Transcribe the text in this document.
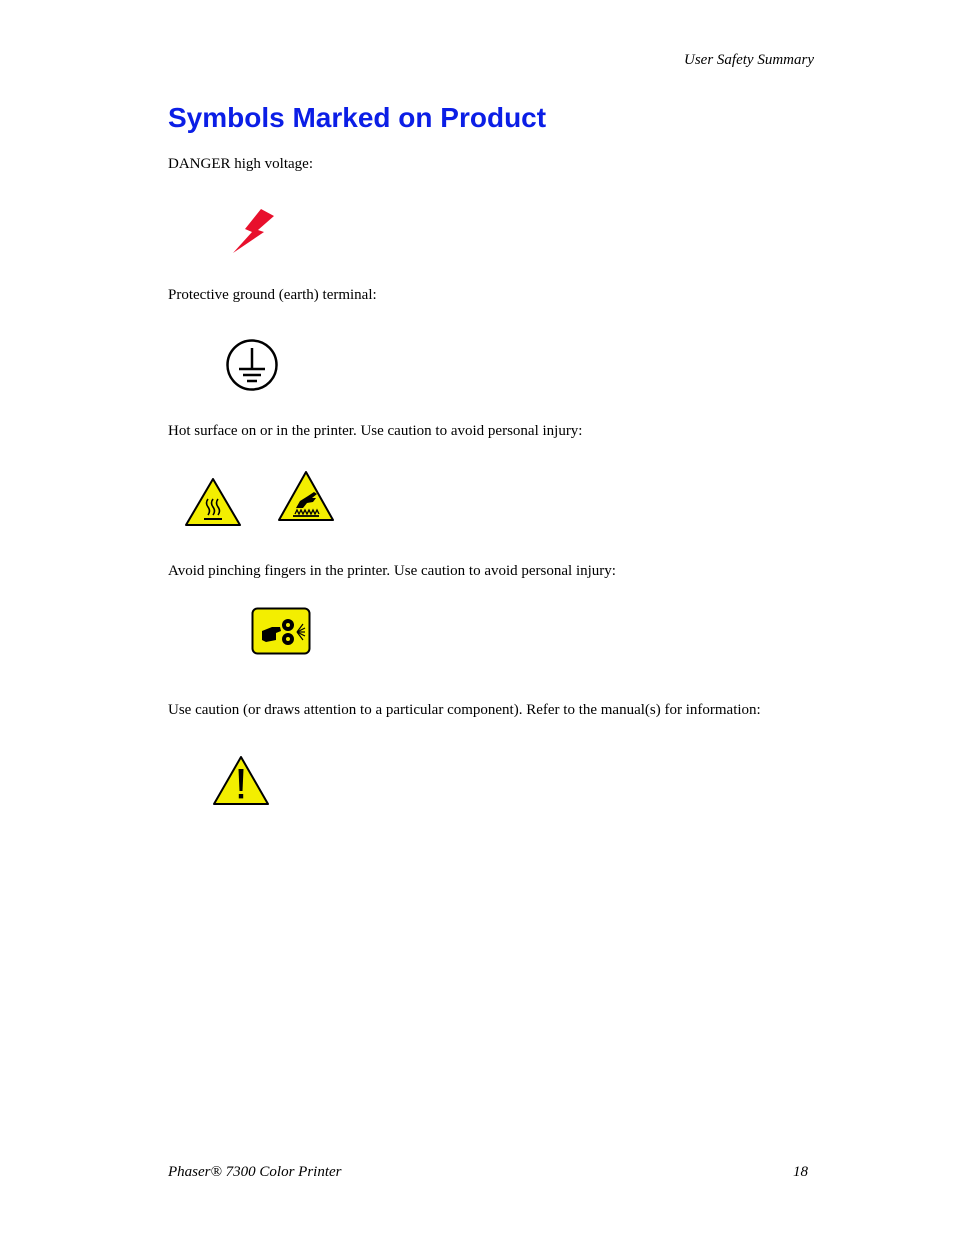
User Safety Summary
Symbols Marked on Product

DANGER high voltage:

Protective ground (earth) terminal:

Hot surface on or in the printer. Use caution to avoid personal injury:

Avoid pinching fingers in the printer. Use caution to avoid personal injury:

Use caution (or draws attention to a particular component). Refer to the manual(s) for information:

Phaser® 7300 Color Printer	18
